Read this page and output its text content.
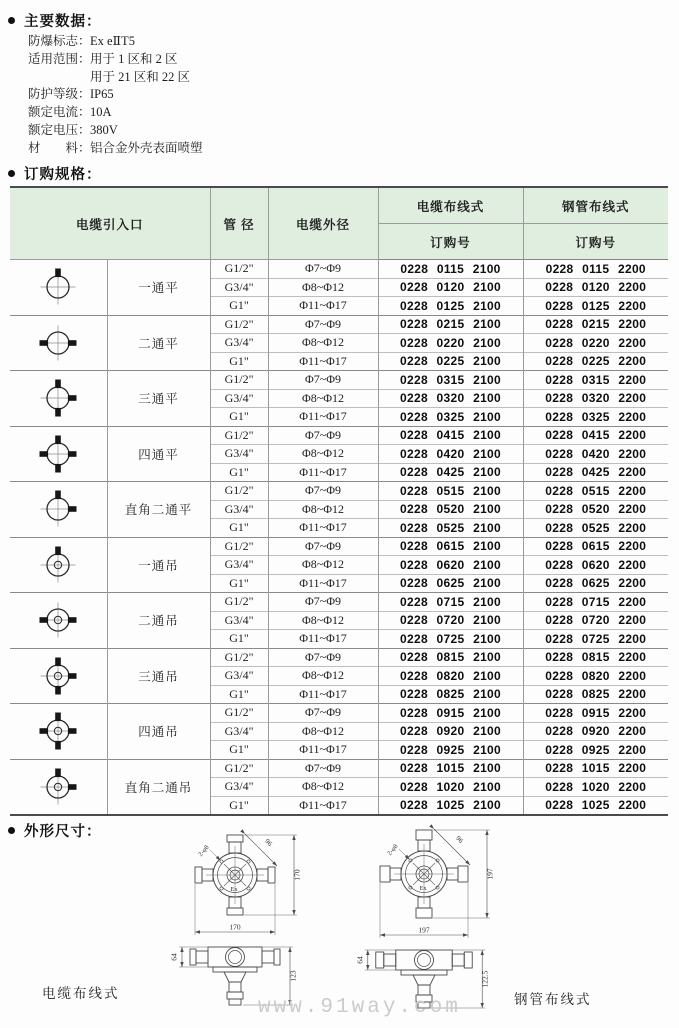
主要数据：
防爆标志： Ex eⅡT5
适用范围： 用于 1 区和 2 区
用于 21 区和 22 区
防护等级： IP65
额定电流： 10A
额定电压： 380V
材　　料： 铝合金外壳表面喷塑
订购规格：
电缆引入口		管 径	电缆外径	电缆布线式	钢管布线式
				订购号	订购号

	一通平	G1/2"	Φ7~Φ9	0228 0115 2100	0228 0115 2200
		G3/4"	Φ8~Φ12	0228 0120 2100	0228 0120 2200
		G1"	Φ11~Φ17	0228 0125 2100	0228 0125 2200

	二通平	G1/2"	Φ7~Φ9	0228 0215 2100	0228 0215 2200
		G3/4"	Φ8~Φ12	0228 0220 2100	0228 0220 2200
		G1"	Φ11~Φ17	0228 0225 2100	0228 0225 2200

	三通平	G1/2"	Φ7~Φ9	0228 0315 2100	0228 0315 2200
		G3/4"	Φ8~Φ12	0228 0320 2100	0228 0320 2200
		G1"	Φ11~Φ17	0228 0325 2100	0228 0325 2200

	四通平	G1/2"	Φ7~Φ9	0228 0415 2100	0228 0415 2200
		G3/4"	Φ8~Φ12	0228 0420 2100	0228 0420 2200
		G1"	Φ11~Φ17	0228 0425 2100	0228 0425 2200

	直角二通平	G1/2"	Φ7~Φ9	0228 0515 2100	0228 0515 2200
		G3/4"	Φ8~Φ12	0228 0520 2100	0228 0520 2200
		G1"	Φ11~Φ17	0228 0525 2100	0228 0525 2200

	一通吊	G1/2"	Φ7~Φ9	0228 0615 2100	0228 0615 2200
		G3/4"	Φ8~Φ12	0228 0620 2100	0228 0620 2200
		G1"	Φ11~Φ17	0228 0625 2100	0228 0625 2200

	二通吊	G1/2"	Φ7~Φ9	0228 0715 2100	0228 0715 2200
		G3/4"	Φ8~Φ12	0228 0720 2100	0228 0720 2200
		G1"	Φ11~Φ17	0228 0725 2100	0228 0725 2200

	三通吊	G1/2"	Φ7~Φ9	0228 0815 2100	0228 0815 2200
		G3/4"	Φ8~Φ12	0228 0820 2100	0228 0820 2200
		G1"	Φ11~Φ17	0228 0825 2100	0228 0825 2200

	四通吊	G1/2"	Φ7~Φ9	0228 0915 2100	0228 0915 2200
		G3/4"	Φ8~Φ12	0228 0920 2100	0228 0920 2200
		G1"	Φ11~Φ17	0228 0925 2100	0228 0925 2200

	直角二通吊	G1/2"	Φ7~Φ9	0228 1015 2100	0228 1015 2200
		G3/4"	Φ8~Φ12	0228 1020 2100	0228 1020 2200
		G1"	Φ11~Φ17	0228 1025 2100	0228 1025 2200
外形尺寸：
Ex
170
170
96
2-φ8
64
123
Ex
197
197
96
2-φ8
64
122.5
电缆布线式	钢管布线式
www.91way.com
